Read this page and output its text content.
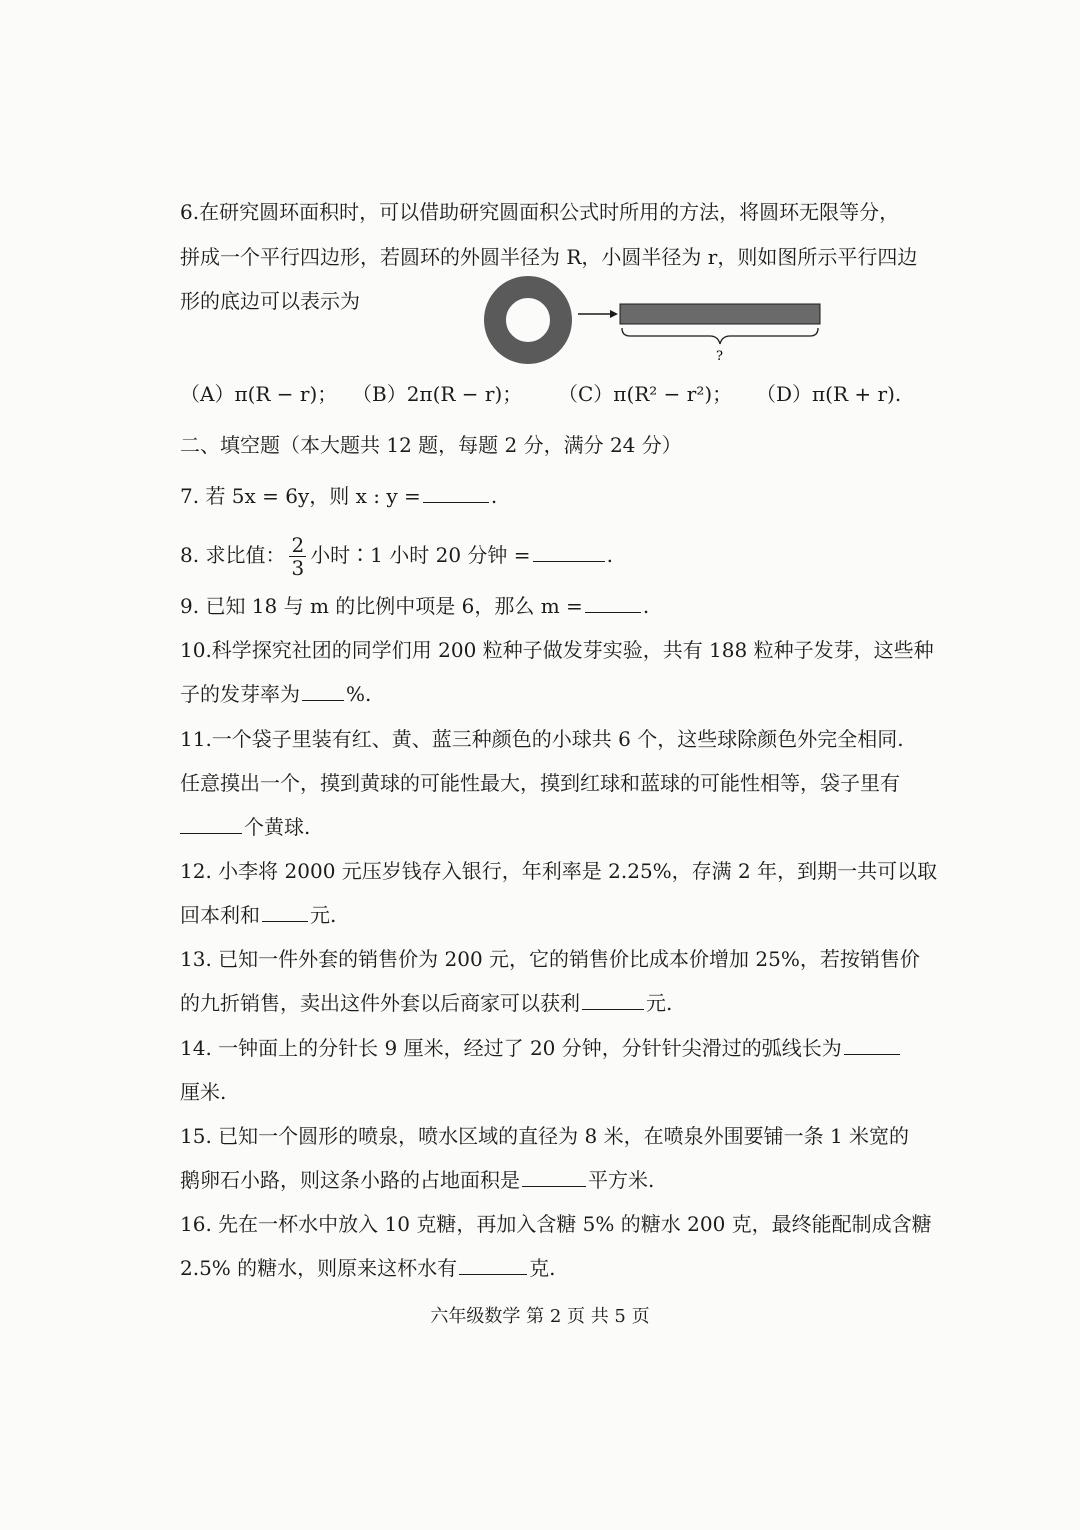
6.在研究圆环面积时，可以借助研究圆面积公式时所用的方法，将圆环无限等分，
拼成一个平行四边形，若圆环的外圆半径为 R，小圆半径为 r，则如图所示平行四边
形的底边可以表示为
?
（A）π(R − r)； （B）2π(R − r)； （C）π(R² − r²)； （D）π(R + r).
二、填空题（本大题共 12 题，每题 2 分，满分 24 分）
7. 若 5x = 6y，则 x : y =	.
8. 求比值： $\frac{2}{3}$ 小时∶1 小时 20 分钟 =	.
9. 已知 18 与 m 的比例中项是 6，那么 m =	.
10.科学探究社团的同学们用 200 粒种子做发芽实验，共有 188 粒种子发芽，这些种
子的发芽率为 %.
11.一个袋子里装有红、黄、蓝三种颜色的小球共 6 个，这些球除颜色外完全相同.
任意摸出一个，摸到黄球的可能性最大，摸到红球和蓝球的可能性相等，袋子里有
个黄球.
12. 小李将 2000 元压岁钱存入银行，年利率是 2.25%，存满 2 年，到期一共可以取
回本利和	元.
13. 已知一件外套的销售价为 200 元，它的销售价比成本价增加 25%，若按销售价
的九折销售，卖出这件外套以后商家可以获利	元.
14. 一钟面上的分针长 9 厘米，经过了 20 分钟，分针针尖滑过的弧线长为
厘米.
15. 已知一个圆形的喷泉，喷水区域的直径为 8 米，在喷泉外围要铺一条 1 米宽的
鹅卵石小路，则这条小路的占地面积是	平方米.
16. 先在一杯水中放入 10 克糖，再加入含糖 5% 的糖水 200 克，最终能配制成含糖
2.5% 的糖水，则原来这杯水有	克.
六年级数学 第 2 页 共 5 页
